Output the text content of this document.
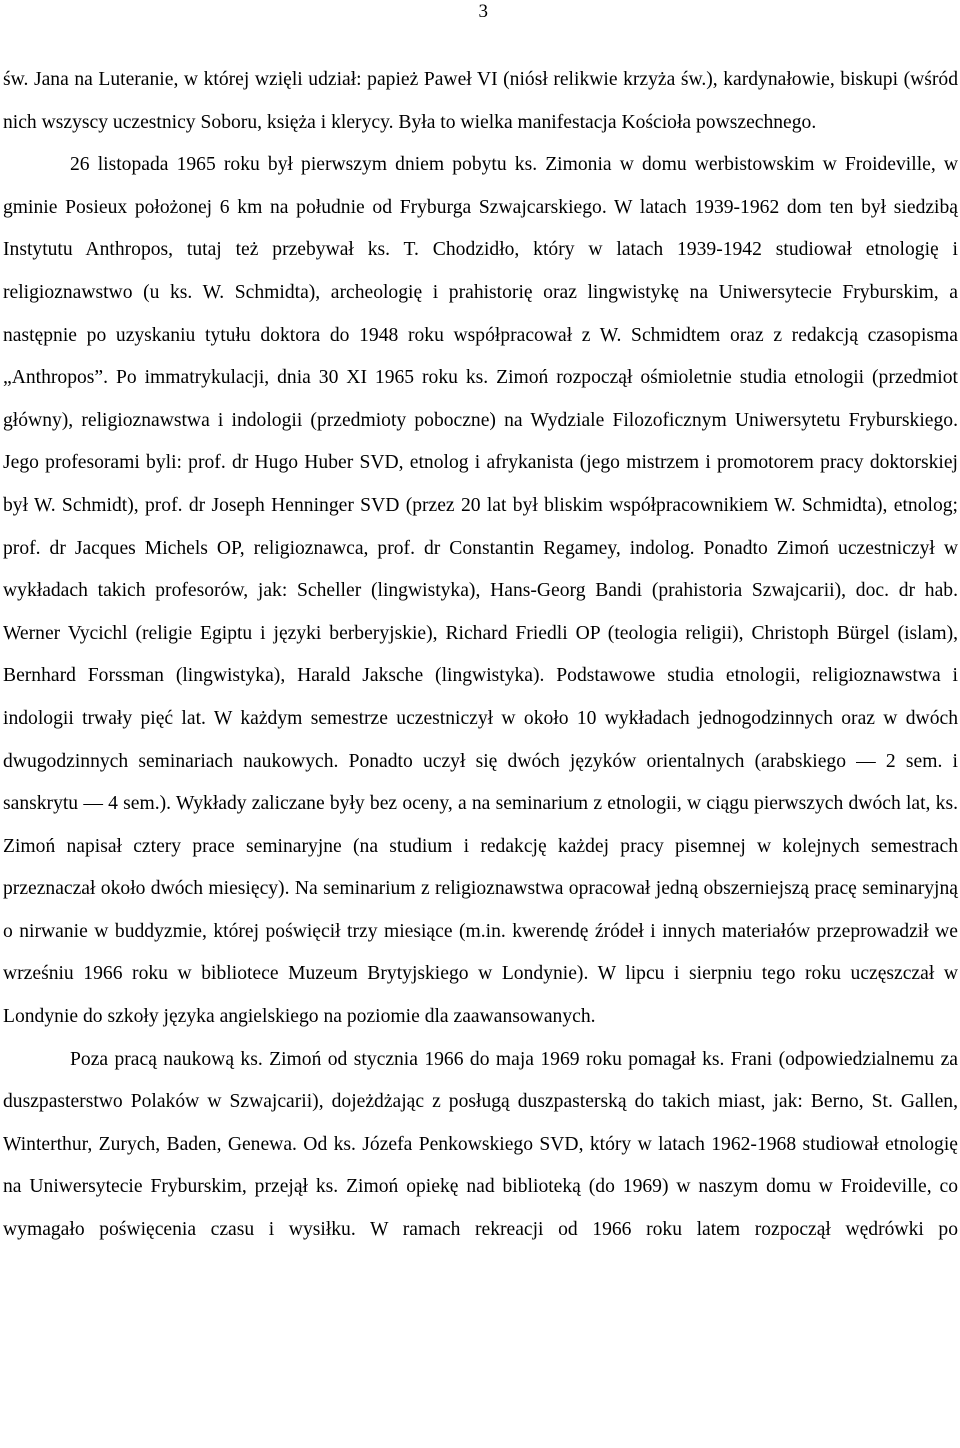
3

św. Jana na Luteranie, w której wzięli udział: papież Paweł VI (niósł relikwie krzyża św.), kardynałowie, biskupi (wśród nich wszyscy uczestnicy Soboru, księża i klerycy. Była to wielka manifestacja Kościoła powszechnego.

26 listopada 1965 roku był pierwszym dniem pobytu ks. Zimonia w domu werbistowskim w Froideville, w gminie Posieux położonej 6 km na południe od Fryburga Szwajcarskiego. W latach 1939-1962 dom ten był siedzibą Instytutu Anthropos, tutaj też przebywał ks. T. Chodzidło, który w latach 1939-1942 studiował etnologię i religioznawstwo (u ks. W. Schmidta), archeologię i prahistorię oraz lingwistykę na Uniwersytecie Fryburskim, a następnie po uzyskaniu tytułu doktora do 1948 roku współpracował z W. Schmidtem oraz z redakcją czasopisma „Anthropos”. Po immatrykulacji, dnia 30 XI 1965 roku ks. Zimoń rozpoczął ośmioletnie studia etnologii (przedmiot główny), religioznawstwa i indologii (przedmioty poboczne) na Wydziale Filozoficznym Uniwersytetu Fryburskiego. Jego profesorami byli: prof. dr Hugo Huber SVD, etnolog i afrykanista (jego mistrzem i promotorem pracy doktorskiej był W. Schmidt), prof. dr Joseph Henninger SVD (przez 20 lat był bliskim współpracownikiem W. Schmidta), etnolog; prof. dr Jacques Michels OP, religioznawca, prof. dr Constantin Regamey, indolog. Ponadto Zimoń uczestniczył w wykładach takich profesorów, jak: Scheller (lingwistyka), Hans-Georg Bandi (prahistoria Szwajcarii), doc. dr hab. Werner Vycichl (religie Egiptu i języki berberyjskie), Richard Friedli OP (teologia religii), Christoph Bürgel (islam), Bernhard Forssman (lingwistyka), Harald Jaksche (lingwistyka). Podstawowe studia etnologii, religioznawstwa i indologii trwały pięć lat. W każdym semestrze uczestniczył w około 10 wykładach jednogodzinnych oraz w dwóch dwugodzinnych seminariach naukowych. Ponadto uczył się dwóch języków orientalnych (arabskiego — 2 sem. i sanskrytu — 4 sem.). Wykłady zaliczane były bez oceny, a na seminarium z etnologii, w ciągu pierwszych dwóch lat, ks. Zimoń napisał cztery prace seminaryjne (na studium i redakcję każdej pracy pisemnej w kolejnych semestrach przeznaczał około dwóch miesięcy). Na seminarium z religioznawstwa opracował jedną obszerniejszą pracę seminaryjną o nirwanie w buddyzmie, której poświęcił trzy miesiące (m.in. kwerendę źródeł i innych materiałów przeprowadził we wrześniu 1966 roku w bibliotece Muzeum Brytyjskiego w Londynie). W lipcu i sierpniu tego roku uczęszczał w Londynie do szkoły języka angielskiego na poziomie dla zaawansowanych.

Poza pracą naukową ks. Zimoń od stycznia 1966 do maja 1969 roku pomagał ks. Frani (odpowiedzialnemu za duszpasterstwo Polaków w Szwajcarii), dojeżdżając z posługą duszpasterską do takich miast, jak: Berno, St. Gallen, Winterthur, Zurych, Baden, Genewa. Od ks. Józefa Penkowskiego SVD, który w latach 1962-1968 studiował etnologię na Uniwersytecie Fryburskim, przejął ks. Zimoń opiekę nad biblioteką (do 1969) w naszym domu w Froideville, co wymagało poświęcenia czasu i wysiłku. W ramach rekreacji od 1966 roku latem rozpoczął wędrówki po
